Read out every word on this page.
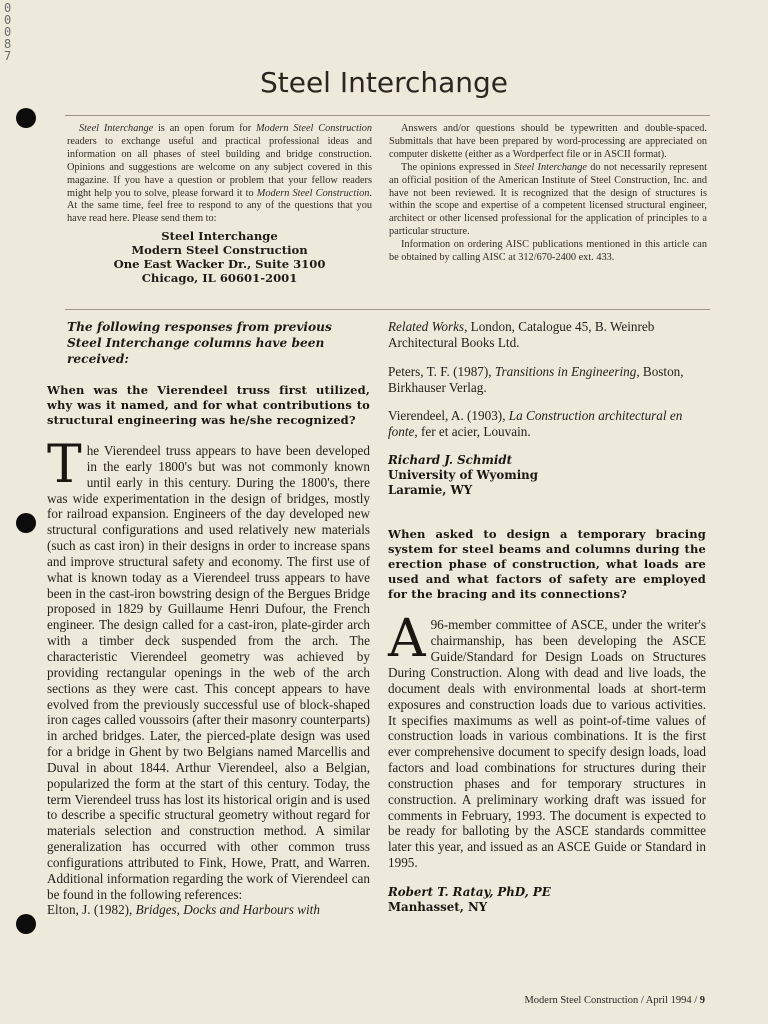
0
0
0
8
7
Steel Interchange

Steel Interchange is an open forum for Modern Steel Construction readers to exchange useful and practical professional ideas and information on all phases of steel building and bridge construction. Opinions and suggestions are welcome on any subject covered in this magazine. If you have a question or problem that your fellow readers might help you to solve, please forward it to Modern Steel Construction. At the same time, feel free to respond to any of the questions that you have read here. Please send them to:

Steel Interchange
Modern Steel Construction
One East Wacker Dr., Suite 3100
Chicago, IL 60601-2001

Answers and/or questions should be typewritten and double-spaced. Submittals that have been prepared by word-processing are appreciated on computer diskette (either as a Wordperfect file or in ASCII format).

The opinions expressed in Steel Interchange do not necessarily represent an official position of the American Institute of Steel Construction, Inc. and have not been reviewed. It is recognized that the design of structures is within the scope and expertise of a competent licensed structural engineer, architect or other licensed professional for the application of principles to a particular structure.

Information on ordering AISC publications mentioned in this article can be obtained by calling AISC at 312/670-2400 ext. 433.

The following responses from previous Steel Interchange columns have been received:

When was the Vierendeel truss first utilized, why was it named, and for what contributions to structural engineering was he/she recognized?

The Vierendeel truss appears to have been developed in the early 1800's but was not commonly known until early in this century. During the 1800's, there was wide experimentation in the design of bridges, mostly for railroad expansion. Engineers of the day developed new structural configurations and used relatively new materials (such as cast iron) in their designs in order to increase spans and improve structural safety and economy. The first use of what is known today as a Vierendeel truss appears to have been in the cast-iron bowstring design of the Bergues Bridge proposed in 1829 by Guillaume Henri Dufour, the French engineer. The design called for a cast-iron, plate-girder arch with a timber deck suspended from the arch. The characteristic Vierendeel geometry was achieved by providing rectangular openings in the web of the arch sections as they were cast. This concept appears to have evolved from the previously successful use of block-shaped iron cages called voussoirs (after their masonry counterparts) in arched bridges. Later, the pierced-plate design was used for a bridge in Ghent by two Belgians named Marcellis and Duval in about 1844. Arthur Vierendeel, also a Belgian, popularized the form at the start of this century. Today, the term Vierendeel truss has lost its historical origin and is used to describe a specific structural geometry without regard for materials selection and construction method. A similar generalization has occurred with other common truss configurations attributed to Fink, Howe, Pratt, and Warren. Additional information regarding the work of Vierendeel can be found in the following references:

Elton, J. (1982), Bridges, Docks and Harbours with

Related Works, London, Catalogue 45, B. Weinreb Architectural Books Ltd.

Peters, T. F. (1987), Transitions in Engineering, Boston, Birkhauser Verlag.

Vierendeel, A. (1903), La Construction architectural en fonte, fer et acier, Louvain.

Richard J. Schmidt

University of Wyoming

Laramie, WY

When asked to design a temporary bracing system for steel beams and columns during the erection phase of construction, what loads are used and what factors of safety are employed for the bracing and its connections?

A 96-member committee of ASCE, under the writer's chairmanship, has been developing the ASCE Guide/Standard for Design Loads on Structures During Construction. Along with dead and live loads, the document deals with environmental loads at short-term exposures and construction loads due to various activities. It specifies maximums as well as point-of-time values of construction loads in various combinations. It is the first ever comprehensive document to specify design loads, load factors and load combinations for structures during their construction phases and for temporary structures in construction. A preliminary working draft was issued for comments in February, 1993. The document is expected to be ready for balloting by the ASCE standards committee later this year, and issued as an ASCE Guide or Standard in 1995.

Robert T. Ratay, PhD, PE

Manhasset, NY

Modern Steel Construction / April 1994 / 9
